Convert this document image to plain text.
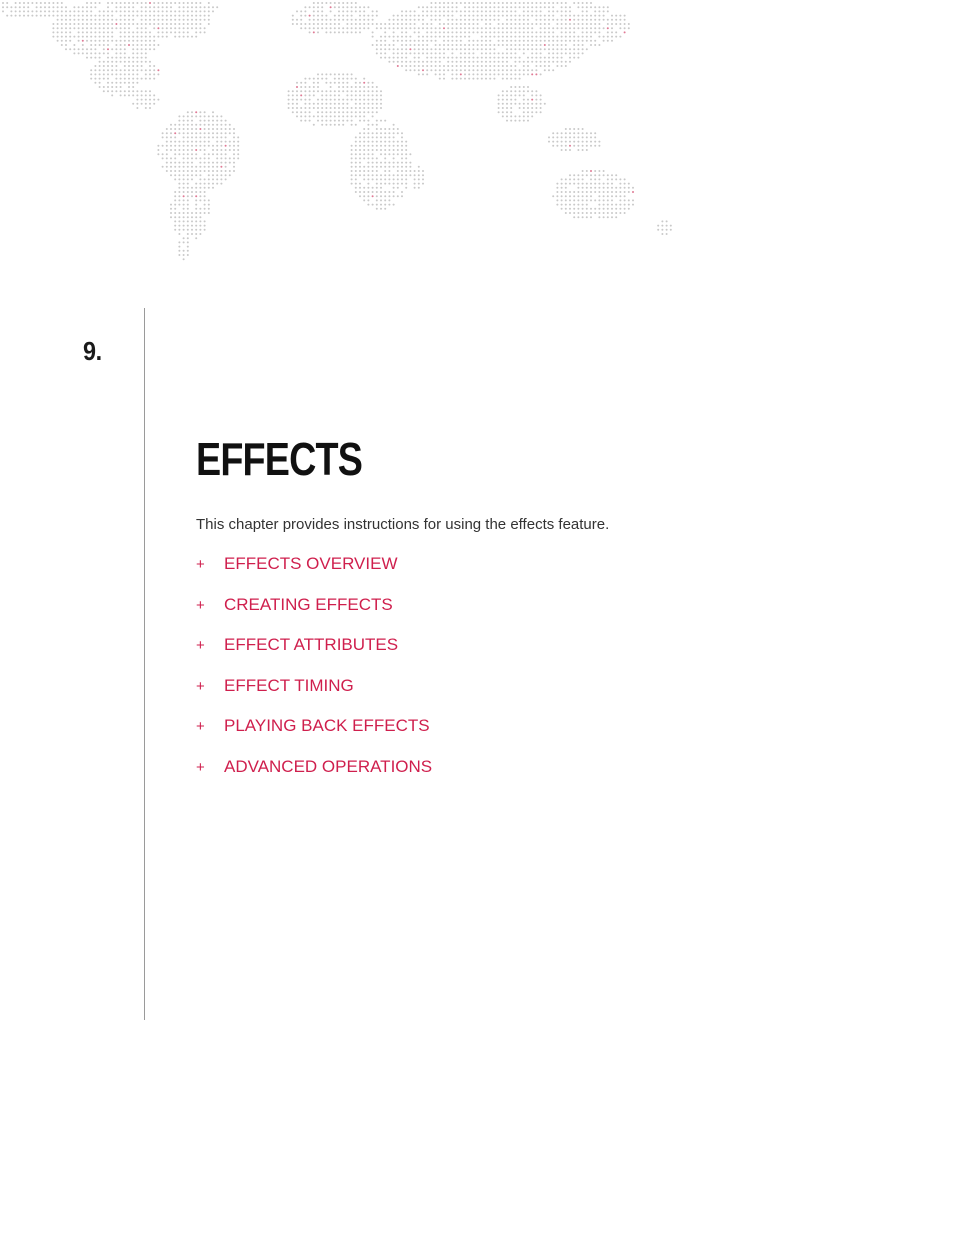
9.
EFFECTS

This chapter provides instructions for using the effects feature.

+	EFFECTS OVERVIEW
+	CREATING EFFECTS
+	EFFECT ATTRIBUTES
+	EFFECT TIMING
+	PLAYING BACK EFFECTS
+	ADVANCED OPERATIONS
